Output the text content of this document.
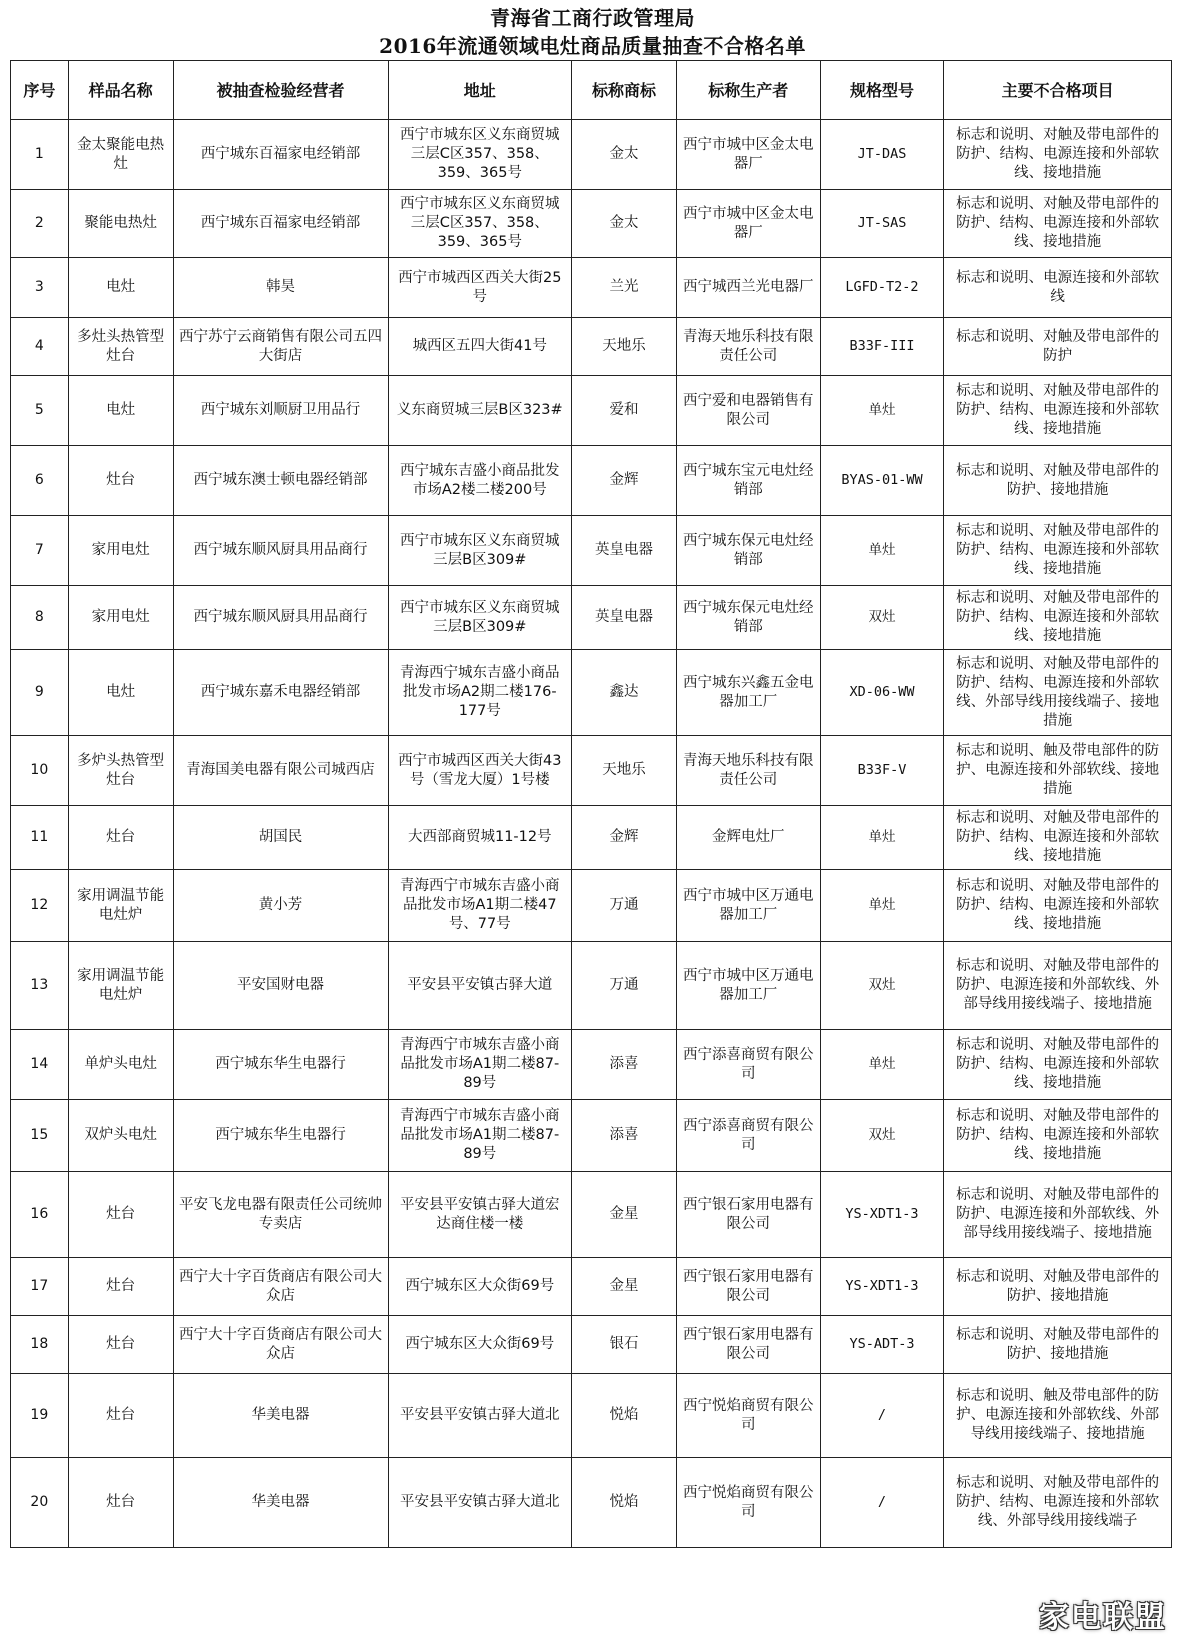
青海省工商行政管理局
2016年流通领域电灶商品质量抽查不合格名单
序号	样品名称	被抽查检验经营者	地址	标称商标	标称生产者	规格型号	主要不合格项目
1	金太聚能电热灶	西宁城东百福家电经销部	西宁市城东区义东商贸城三层C区357、358、359、365号	金太	西宁市城中区金太电器厂	JT-DAS	标志和说明、对触及带电部件的防护、结构、电源连接和外部软线、接地措施
2	聚能电热灶	西宁城东百福家电经销部	西宁市城东区义东商贸城三层C区357、358、359、365号	金太	西宁市城中区金太电器厂	JT-SAS	标志和说明、对触及带电部件的防护、结构、电源连接和外部软线、接地措施
3	电灶	韩昊	西宁市城西区西关大街25号	兰光	西宁城西兰光电器厂	LGFD-T2-2	标志和说明、电源连接和外部软线
4	多灶头热管型灶台	西宁苏宁云商销售有限公司五四大街店	城西区五四大街41号	天地乐	青海天地乐科技有限责任公司	B33F-III	标志和说明、对触及带电部件的防护
5	电灶	西宁城东刘顺厨卫用品行	义东商贸城三层B区323#	爱和	西宁爱和电器销售有限公司	单灶	标志和说明、对触及带电部件的防护、结构、电源连接和外部软线、接地措施
6	灶台	西宁城东澳士顿电器经销部	西宁城东吉盛小商品批发市场A2楼二楼200号	金辉	西宁城东宝元电灶经销部	BYAS-01-WW	标志和说明、对触及带电部件的防护、接地措施
7	家用电灶	西宁城东顺风厨具用品商行	西宁市城东区义东商贸城三层B区309#	英皇电器	西宁城东保元电灶经销部	单灶	标志和说明、对触及带电部件的防护、结构、电源连接和外部软线、接地措施
8	家用电灶	西宁城东顺风厨具用品商行	西宁市城东区义东商贸城三层B区309#	英皇电器	西宁城东保元电灶经销部	双灶	标志和说明、对触及带电部件的防护、结构、电源连接和外部软线、接地措施
9	电灶	西宁城东嘉禾电器经销部	青海西宁城东吉盛小商品批发市场A2期二楼176-177号	鑫达	西宁城东兴鑫五金电器加工厂	XD-06-WW	标志和说明、对触及带电部件的防护、结构、电源连接和外部软线、外部导线用接线端子、接地措施
10	多炉头热管型灶台	青海国美电器有限公司城西店	西宁市城西区西关大街43号（雪龙大厦）1号楼	天地乐	青海天地乐科技有限责任公司	B33F-V	标志和说明、触及带电部件的防护、电源连接和外部软线、接地措施
11	灶台	胡国民	大西部商贸城11-12号	金辉	金辉电灶厂	单灶	标志和说明、对触及带电部件的防护、结构、电源连接和外部软线、接地措施
12	家用调温节能电灶炉	黄小芳	青海西宁市城东吉盛小商品批发市场A1期二楼47号、77号	万通	西宁市城中区万通电器加工厂	单灶	标志和说明、对触及带电部件的防护、结构、电源连接和外部软线、接地措施
13	家用调温节能电灶炉	平安国财电器	平安县平安镇古驿大道	万通	西宁市城中区万通电器加工厂	双灶	标志和说明、对触及带电部件的防护、电源连接和外部软线、外部导线用接线端子、接地措施
14	单炉头电灶	西宁城东华生电器行	青海西宁市城东吉盛小商品批发市场A1期二楼87-89号	添喜	西宁添喜商贸有限公司	单灶	标志和说明、对触及带电部件的防护、结构、电源连接和外部软线、接地措施
15	双炉头电灶	西宁城东华生电器行	青海西宁市城东吉盛小商品批发市场A1期二楼87-89号	添喜	西宁添喜商贸有限公司	双灶	标志和说明、对触及带电部件的防护、结构、电源连接和外部软线、接地措施
16	灶台	平安飞龙电器有限责任公司统帅专卖店	平安县平安镇古驿大道宏达商住楼一楼	金星	西宁银石家用电器有限公司	YS-XDT1-3	标志和说明、对触及带电部件的防护、电源连接和外部软线、外部导线用接线端子、接地措施
17	灶台	西宁大十字百货商店有限公司大众店	西宁城东区大众街69号	金星	西宁银石家用电器有限公司	YS-XDT1-3	标志和说明、对触及带电部件的防护、接地措施
18	灶台	西宁大十字百货商店有限公司大众店	西宁城东区大众街69号	银石	西宁银石家用电器有限公司	YS-ADT-3	标志和说明、对触及带电部件的防护、接地措施
19	灶台	华美电器	平安县平安镇古驿大道北	悦焰	西宁悦焰商贸有限公司	/	标志和说明、触及带电部件的防护、电源连接和外部软线、外部导线用接线端子、接地措施
20	灶台	华美电器	平安县平安镇古驿大道北	悦焰	西宁悦焰商贸有限公司	/	标志和说明、对触及带电部件的防护、结构、电源连接和外部软线、外部导线用接线端子
家电联盟
